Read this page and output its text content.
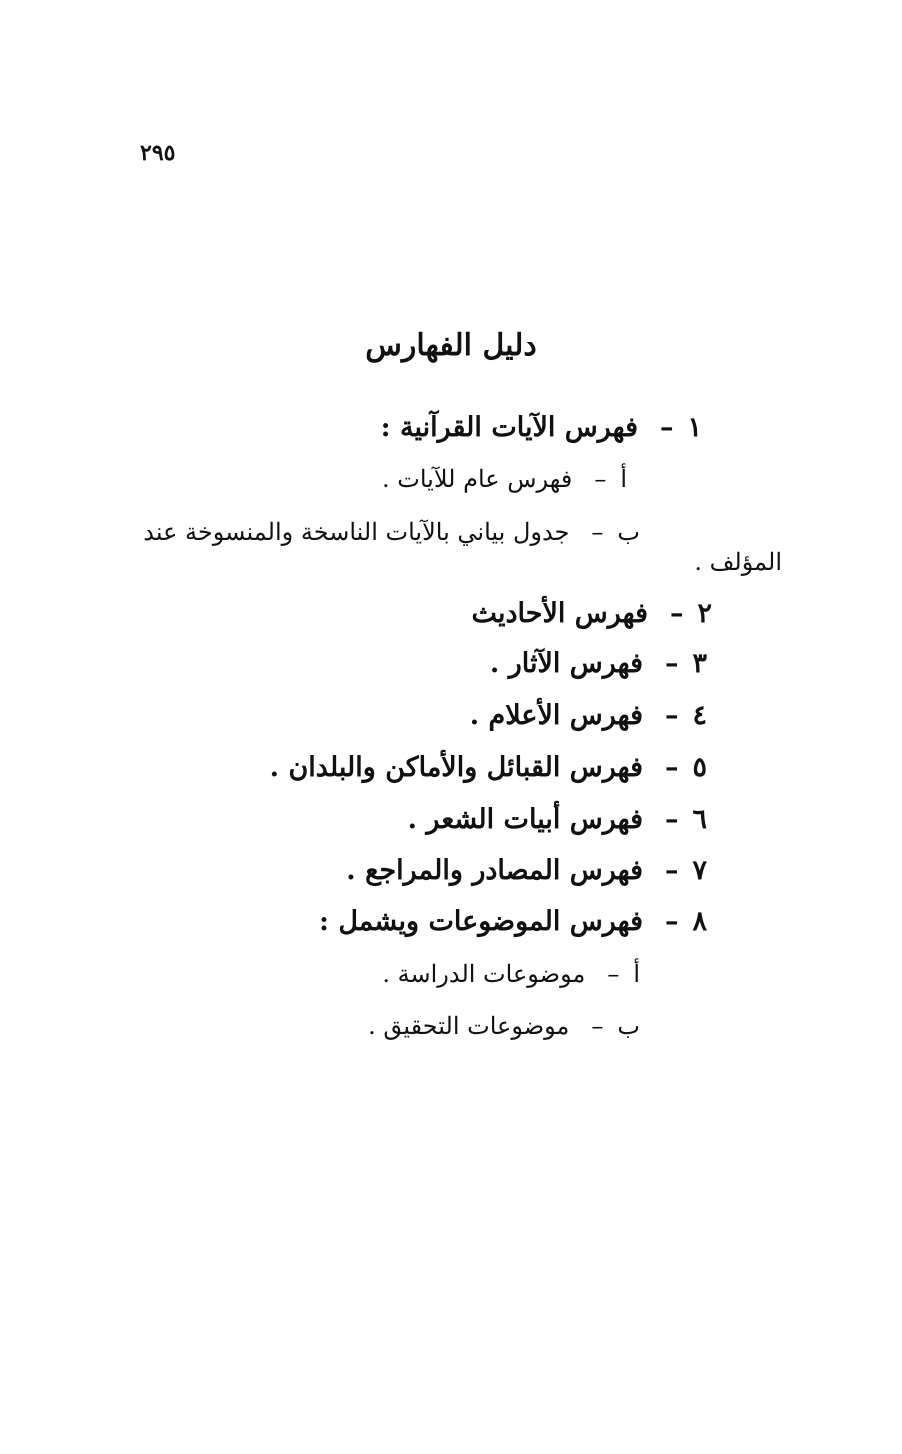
٢٩٥
دليل الفهارس
١–فهرس الآيات القرآنية :
أ–فهرس عام للآيات .
ب–جدول بياني بالآيات الناسخة والمنسوخة عند
المؤلف .
٢–فهرس الأحاديث
٣–فهرس الآثار .
٤–فهرس الأعلام .
٥–فهرس القبائل والأماكن والبلدان .
٦–فهرس أبيات الشعر .
٧–فهرس المصادر والمراجع .
٨–فهرس الموضوعات ويشمل :
أ–موضوعات الدراسة .
ب–موضوعات التحقيق .
